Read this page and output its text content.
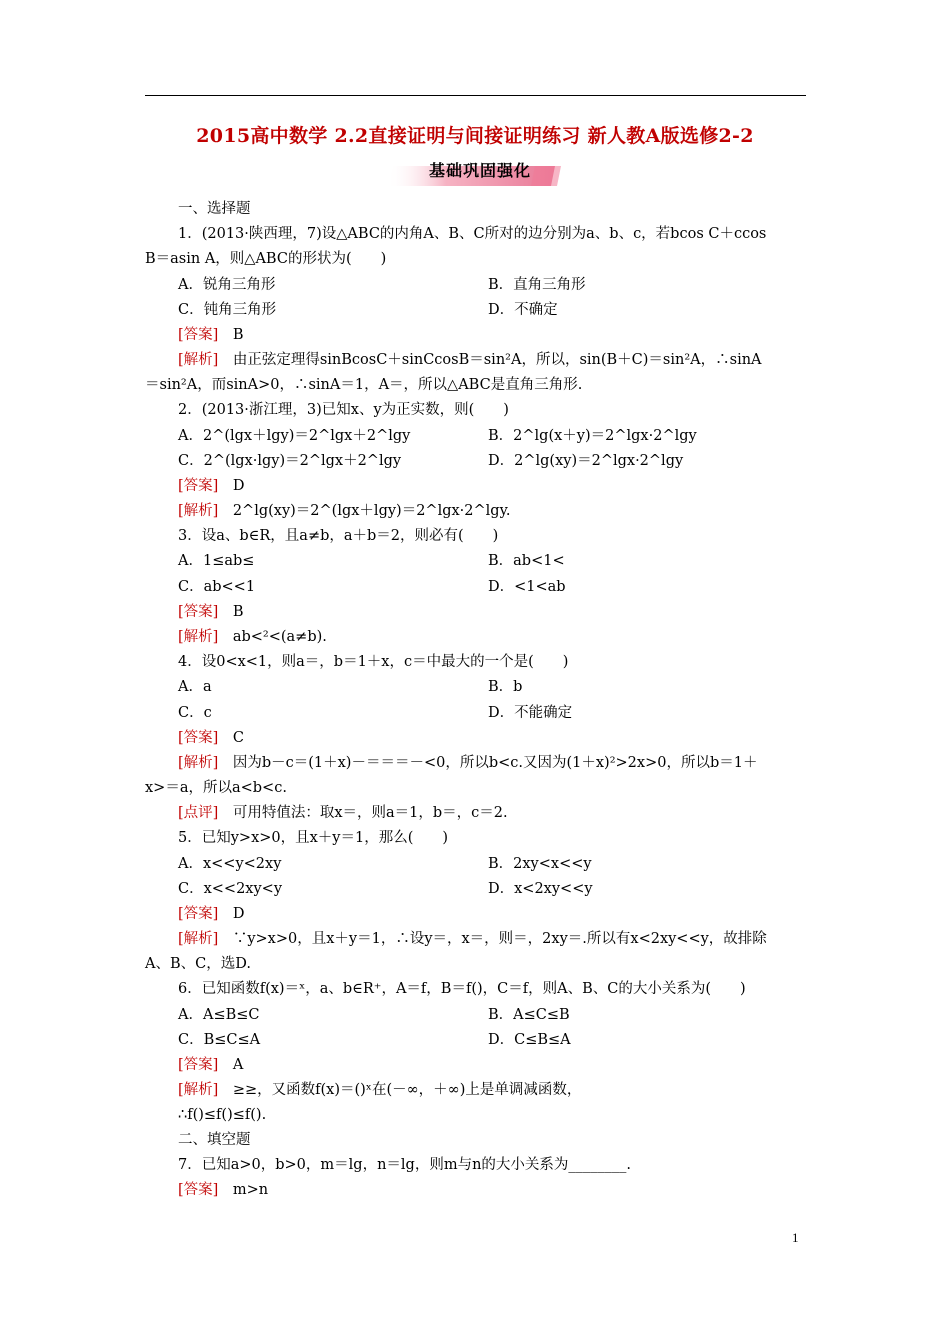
2015高中数学 2.2直接证明与间接证明练习 新人教A版选修2-2
基础巩固强化
一、选择题
1．(2013·陕西理，7)设△ABC的内角A、B、C所对的边分别为a、b、c，若bcos C＋ccos
B＝asin A，则△ABC的形状为(　　)
A．锐角三角形	B．直角三角形
C．钝角三角形	D．不确定
[答案]　B
[解析]　由正弦定理得sinBcosC＋sinCcosB＝sin²A，所以，sin(B＋C)＝sin²A，∴sinA
＝sin²A，而sinA>0，∴sinA＝1，A＝，所以△ABC是直角三角形.
2．(2013·浙江理，3)已知x、y为正实数，则(　　)
A．2^(lgx＋lgy)＝2^lgx＋2^lgy	B．2^lg(x＋y)＝2^lgx·2^lgy
C．2^(lgx·lgy)＝2^lgx＋2^lgy	D．2^lg(xy)＝2^lgx·2^lgy
[答案]　D
[解析]　2^lg(xy)＝2^(lgx＋lgy)＝2^lgx·2^lgy.
3．设a、b∈R，且a≠b，a＋b＝2，则必有(　　)
A．1≤ab≤	B．ab<1<
C．ab<<1	D．<1<ab
[答案]　B
[解析]　ab<²<(a≠b).
4．设0<x<1，则a＝，b＝1＋x，c＝中最大的一个是(　　)
A．a	B．b
C．c	D．不能确定
[答案]　C
[解析]　因为b－c＝(1＋x)－＝＝＝－<0，所以b<c.又因为(1＋x)²>2x>0，所以b＝1＋
x>＝a，所以a<b<c.
[点评]　可用特值法：取x＝，则a＝1，b＝，c＝2.
5．已知y>x>0，且x＋y＝1，那么(　　)
A．x<<y<2xy	B．2xy<x<<y
C．x<<2xy<y	D．x<2xy<<y
[答案]　D
[解析]　∵y>x>0，且x＋y＝1，∴设y＝，x＝，则＝，2xy＝.所以有x<2xy<<y，故排除
A、B、C，选D.
6．已知函数f(x)＝ˣ，a、b∈R⁺，A＝f，B＝f()，C＝f，则A、B、C的大小关系为(　　)
A．A≤B≤C	B．A≤C≤B
C．B≤C≤A	D．C≤B≤A
[答案]　A
[解析]　≥≥，又函数f(x)＝()ˣ在(－∞，＋∞)上是单调减函数，
∴f()≤f()≤f().
二、填空题
7．已知a>0，b>0，m＝lg，n＝lg，则m与n的大小关系为________.
[答案]　m>n
1
